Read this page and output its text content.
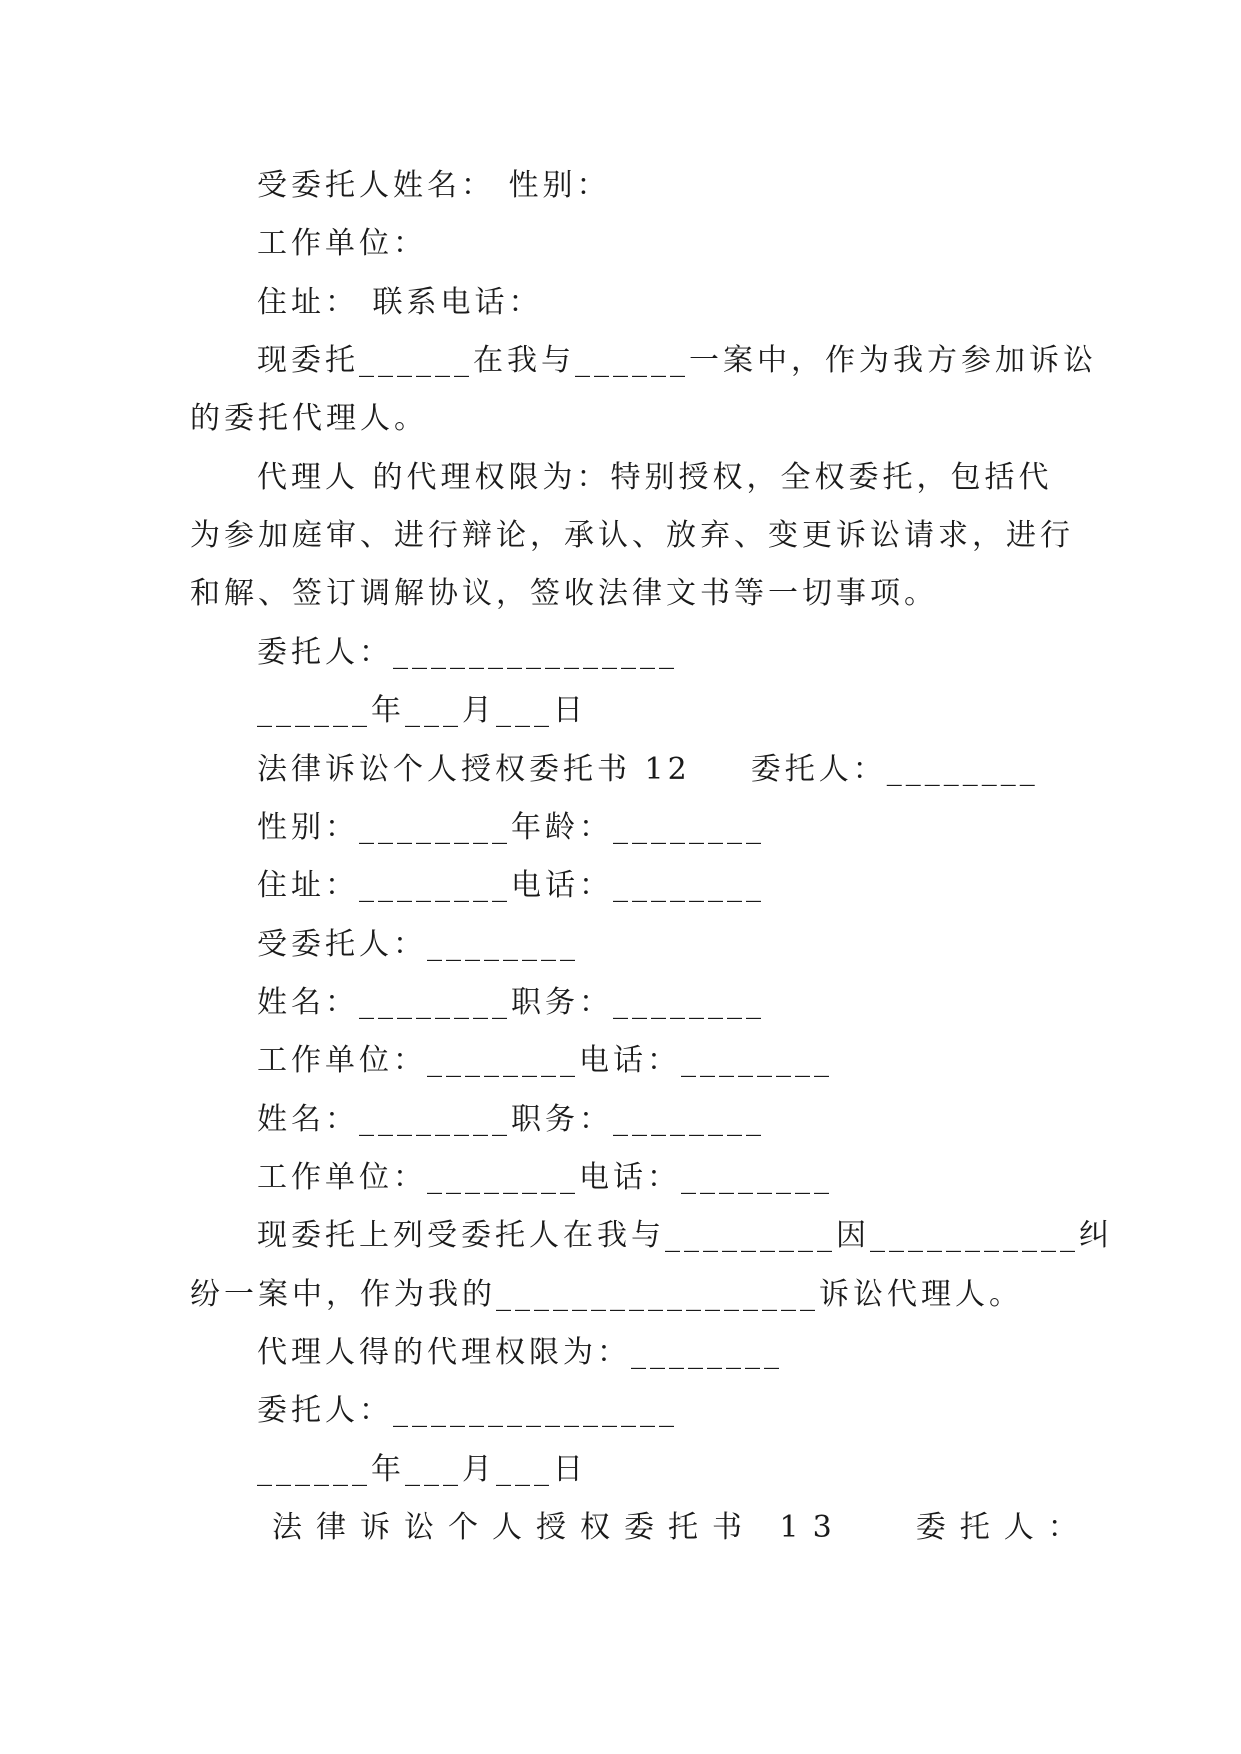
受委托人姓名： 性别：
工作单位：
住址： 联系电话：
现委托______在我与______一案中，作为我方参加诉讼
的委托代理人。
代理人 的代理权限为：特别授权，全权委托，包括代
为参加庭审、进行辩论，承认、放弃、变更诉讼请求，进行
和解、签订调解协议，签收法律文书等一切事项。
委托人：_______________
______年___月___日
法律诉讼个人授权委托书 12 委托人：________
性别：________年龄：________
住址：________电话：________
受委托人：________
姓名：________职务：________
工作单位：________电话：________
姓名：________职务：________
工作单位：________电话：________
现委托上列受委托人在我与_________因___________纠
纷一案中，作为我的_________________诉讼代理人。
代理人得的代理权限为：________
委托人：_______________
______年___月___日
法律诉讼个人授权委托书 13 委托人：
